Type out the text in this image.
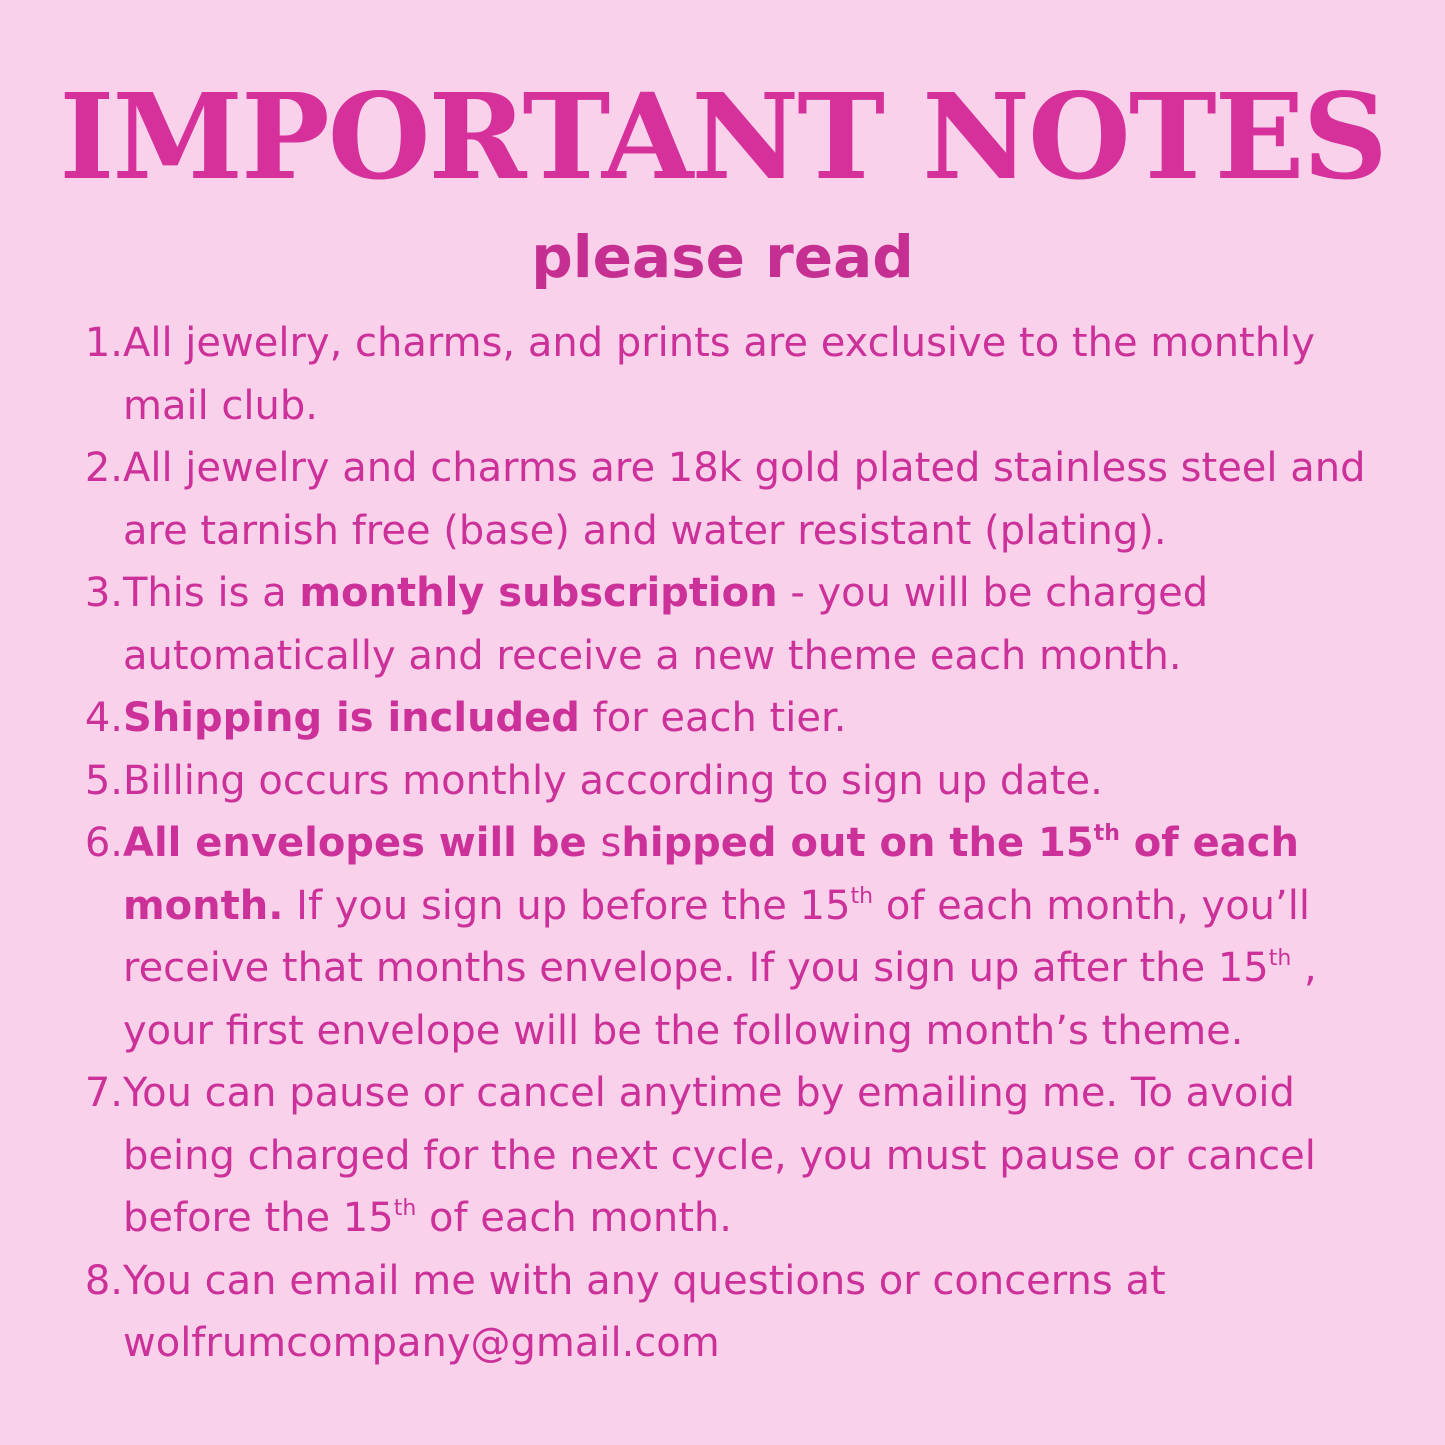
IMPORTANT NOTES
please read
1. All jewelry, charms, and prints are exclusive to the monthly mail club.
2. All jewelry and charms are 18k gold plated stainless steel and are tarnish free (base) and water resistant (plating).
3. This is a monthly subscription - you will be charged automatically and receive a new theme each month.
4. Shipping is included for each tier.
5. Billing occurs monthly according to sign up date.
6. All envelopes will be shipped out on the 15th of each month. If you sign up before the 15th of each month, you’ll receive that months envelope. If you sign up after the 15th , your first envelope will be the following month’s theme.
7. You can pause or cancel anytime by emailing me. To avoid being charged for the next cycle, you must pause or cancel before the 15th of each month.
8. You can email me with any questions or concerns at wolfrumcompany@gmail.com
